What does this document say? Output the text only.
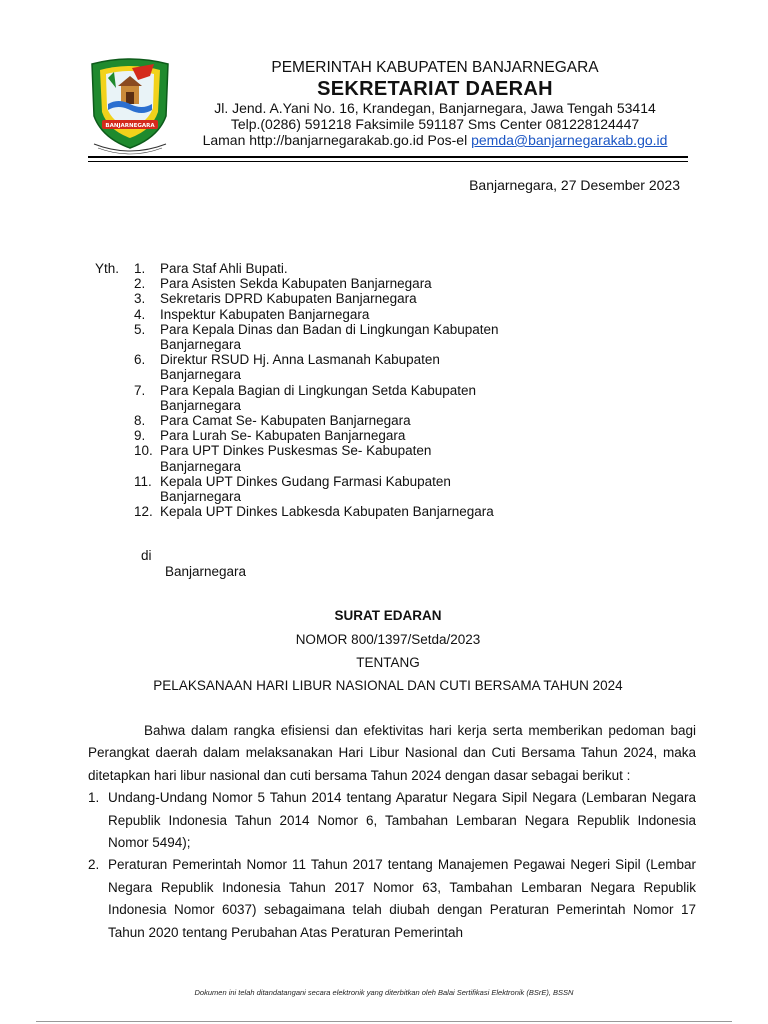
BANJARNEGARA
PEMERINTAH KABUPATEN BANJARNEGARA
SEKRETARIAT DAERAH
Jl. Jend. A.Yani No. 16, Krandegan, Banjarnegara, Jawa Tengah 53414
Telp.(0286) 591218 Faksimile 591187 Sms Center 081228124447
Laman http://banjarnegarakab.go.id Pos-el pemda@banjarnegarakab.go.id
Banjarnegara, 27 Desember 2023
Yth. 1.	Para Staf Ahli Bupati.
2.	Para Asisten Sekda Kabupaten Banjarnegara
3.	Sekretaris DPRD Kabupaten Banjarnegara
4.	Inspektur Kabupaten Banjarnegara
5.	Para Kepala Dinas dan Badan di Lingkungan Kabupaten Banjarnegara
6.	Direktur RSUD Hj. Anna Lasmanah Kabupaten Banjarnegara
7.	Para Kepala Bagian di Lingkungan Setda Kabupaten Banjarnegara
8.	Para Camat Se- Kabupaten Banjarnegara
9.	Para Lurah Se- Kabupaten Banjarnegara
10. Para UPT Dinkes Puskesmas Se- Kabupaten Banjarnegara
11. Kepala UPT Dinkes Gudang Farmasi Kabupaten Banjarnegara
12. Kepala UPT Dinkes Labkesda Kabupaten Banjarnegara
di
Banjarnegara
SURAT EDARAN
NOMOR 800/1397/Setda/2023
TENTANG
PELAKSANAAN HARI LIBUR NASIONAL DAN CUTI BERSAMA TAHUN 2024

Bahwa dalam rangka efisiensi dan efektivitas hari kerja serta memberikan pedoman bagi Perangkat daerah dalam melaksanakan Hari Libur Nasional dan Cuti Bersama Tahun 2024, maka ditetapkan hari libur nasional dan cuti bersama Tahun 2024 dengan dasar sebagai berikut :

1. Undang-Undang Nomor 5 Tahun 2014 tentang Aparatur Negara Sipil Negara (Lembaran Negara Republik Indonesia Tahun 2014 Nomor 6, Tambahan Lembaran Negara Republik Indonesia Nomor 5494);
2. Peraturan Pemerintah Nomor 11 Tahun 2017 tentang Manajemen Pegawai Negeri Sipil (Lembar Negara Republik Indonesia Tahun 2017 Nomor 63, Tambahan Lembaran Negara Republik Indonesia Nomor 6037) sebagaimana telah diubah dengan Peraturan Pemerintah Nomor 17 Tahun 2020 tentang Perubahan Atas Peraturan Pemerintah
Dokumen ini telah ditandatangani secara elektronik yang diterbitkan oleh Balai Sertifikasi Elektronik (BSrE), BSSN
